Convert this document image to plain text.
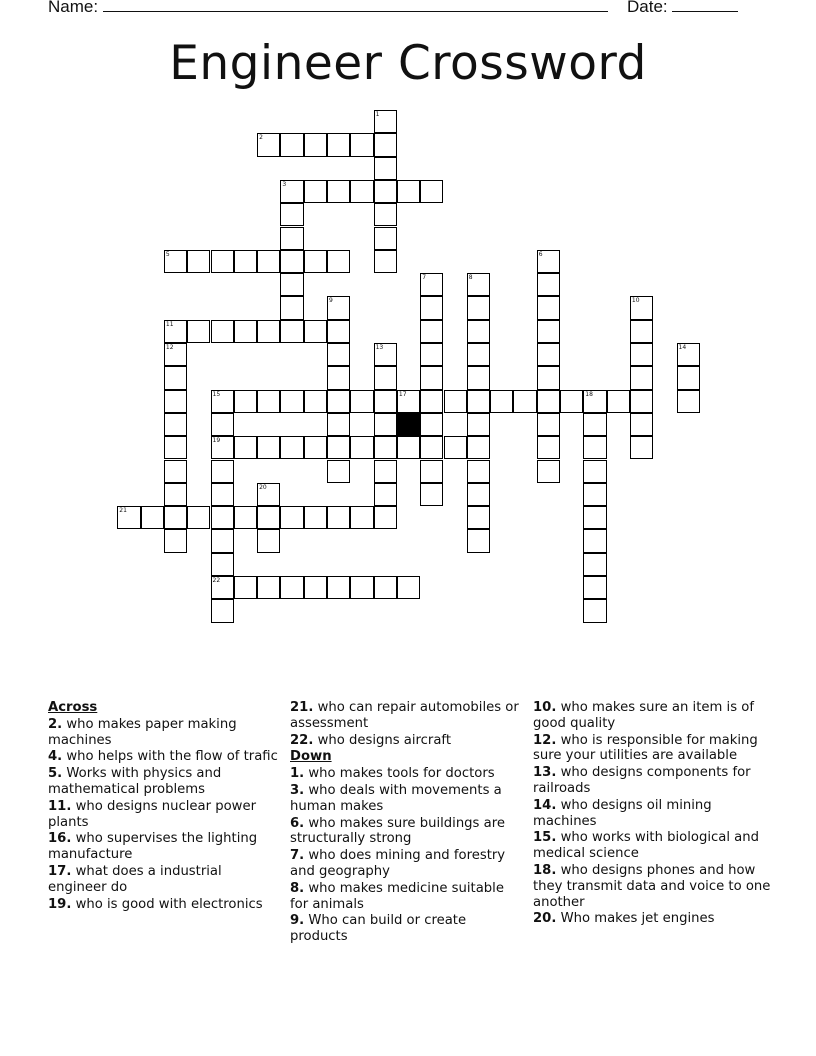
Name:	Date:
Engineer Crossword
2
3
5
11
15	17	18
19
21
22
1
6
7	8
9	10
12	13	14
20
Across
2. who makes paper making machines
4. who helps with the flow of trafic
5. Works with physics and mathematical problems
11. who designs nuclear power plants
16. who supervises the lighting manufacture
17. what does a industrial engineer do
19. who is good with electronics
21. who can repair automobiles or assessment
22. who designs aircraft
Down
1. who makes tools for doctors
3. who deals with movements a human makes
6. who makes sure buildings are structurally strong
7. who does mining and forestry and geography
8. who makes medicine suitable for animals
9. Who can build or create products
10. who makes sure an item is of good quality
12. who is responsible for making sure your utilities are available
13. who designs components for railroads
14. who designs oil mining machines
15. who works with biological and medical science
18. who designs phones and how they transmit data and voice to one another
20. Who makes jet engines
